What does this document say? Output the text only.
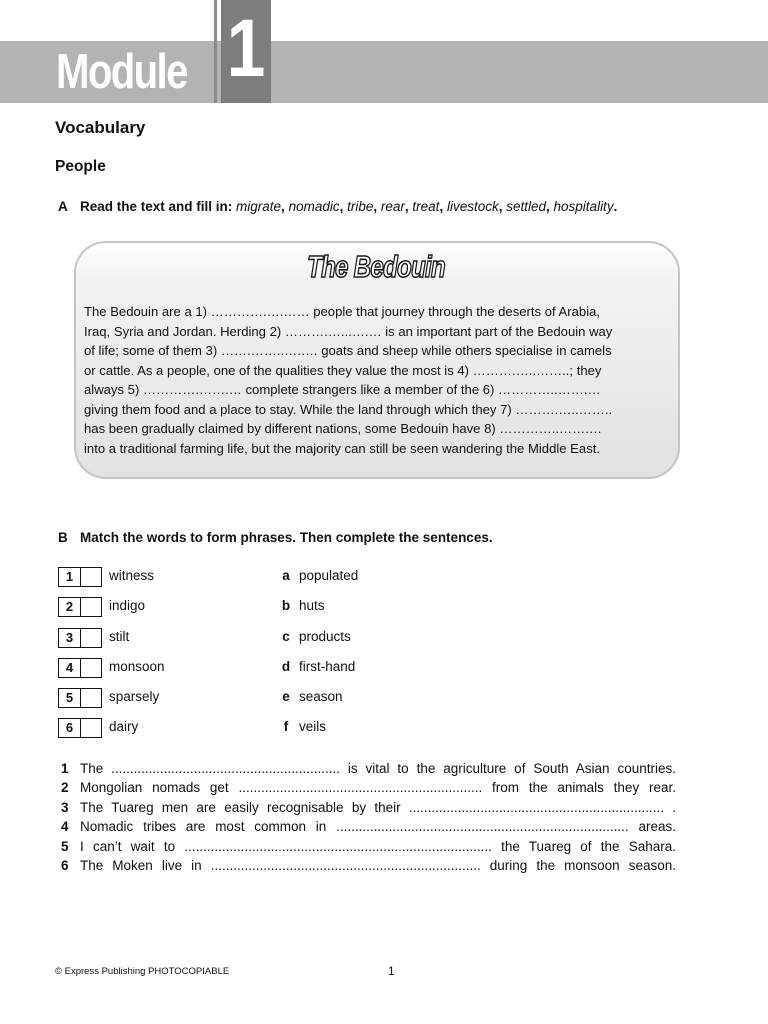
Module 1
Vocabulary
People
A Read the text and fill in: migrate, nomadic, tribe, rear, treat, livestock, settled, hospitality.
The Bedouin
The Bedouin are a 1) ………….….…… people that journey through the deserts of Arabia,
Iraq, Syria and Jordan. Herding 2) ……….…...….… is an important part of the Bedouin way
of life; some of them 3) …….……..….…. goats and sheep while others specialise in camels
or cattle. As a people, one of the qualities they value the most is 4) ……….…..……..; they
always 5) ………….…….… complete strangers like a member of the 6) …………..…….…
giving them food and a place to stay. While the land through which they 7) ……….…..……..
has been gradually claimed by different nations, some Bedouin have 8) …………..…….…
into a traditional farming life, but the majority can still be seen wandering the Middle East.
B Match the words to form phrases. Then complete the sentences.
1	witness	a populated
2	indigo	b huts
3	stilt	c products
4	monsoon	d first-hand
5	sparsely	e season
6	dairy	f veils
1 The ............................................................. is vital to the agriculture of South Asian countries.
2 Mongolian nomads get ................................................................. from the animals they rear.
3 The Tuareg men are easily recognisable by their .................................................................... .
4 Nomadic tribes are most common in .............................................................................. areas.
5 I can’t wait to .................................................................................. the Tuareg of the Sahara.
6 The Moken live in ........................................................................ during the monsoon season.
© Express Publishing PHOTOCOPIABLE	1
